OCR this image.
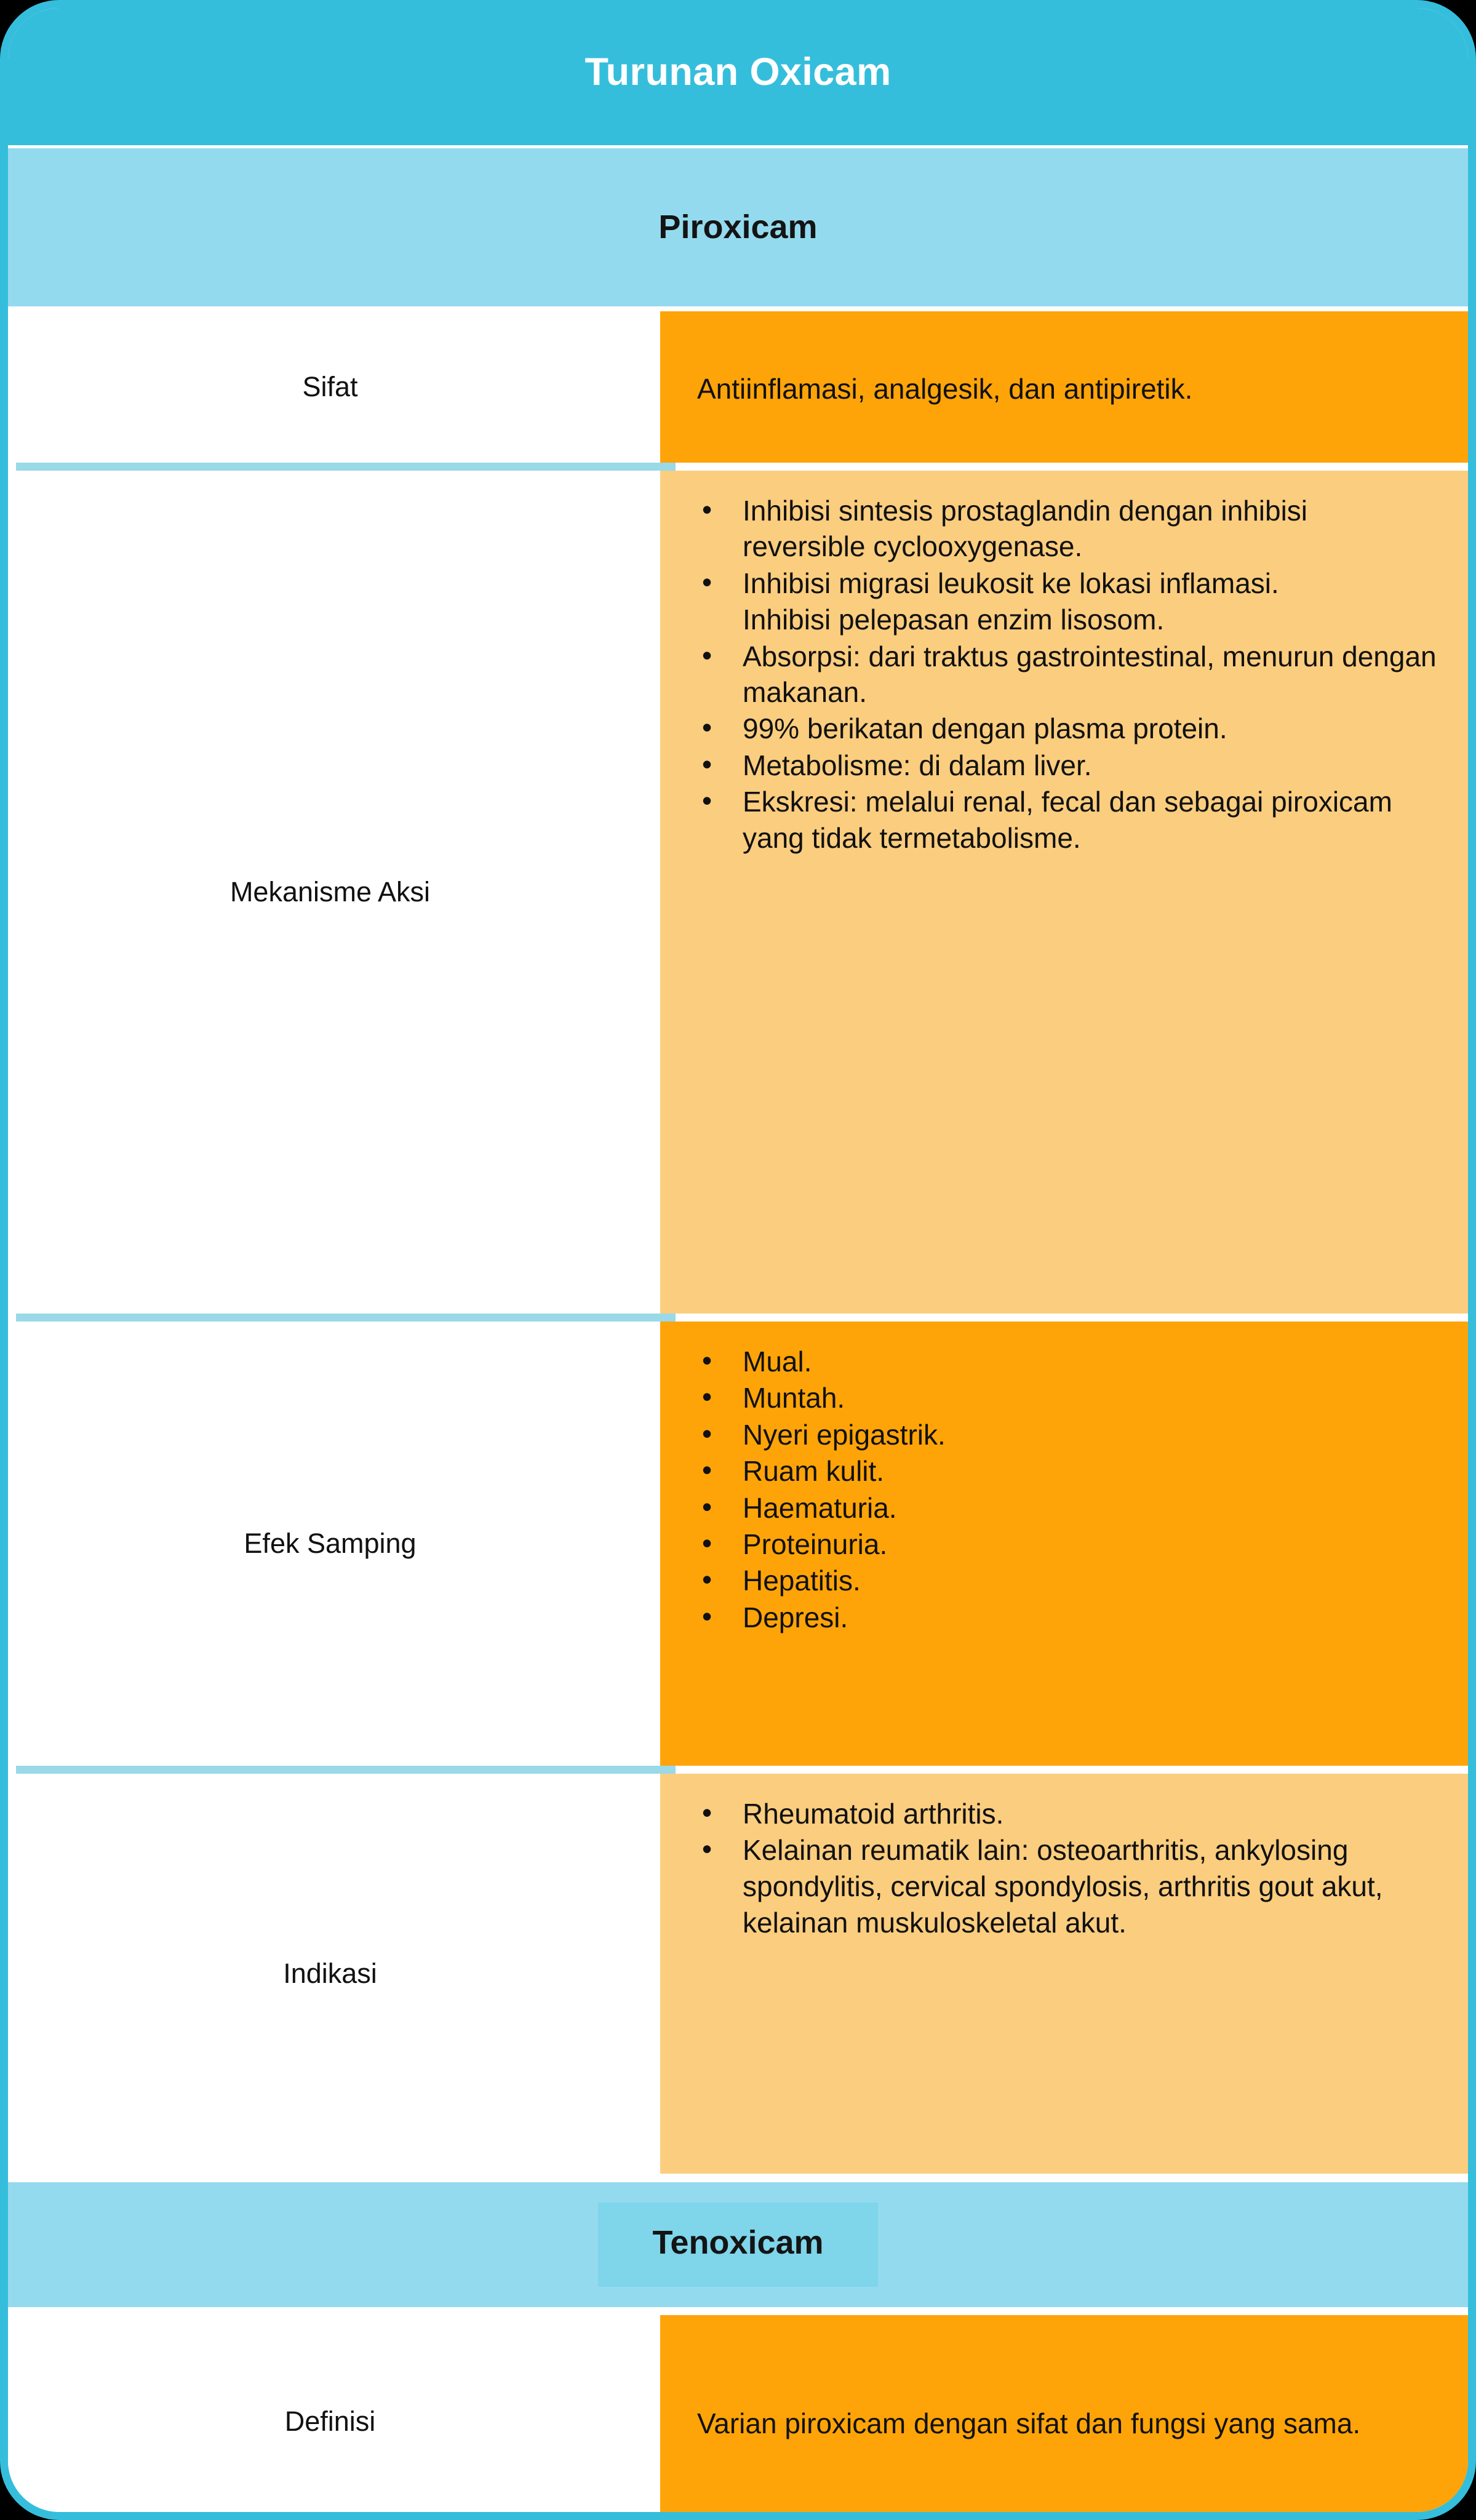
Turunan Oxicam
Piroxicam
Sifat	Antiinflamasi, analgesik, dan antipiretik.

Mekanisme Aksi
• Inhibisi sintesis prostaglandin dengan inhibisi reversible cyclooxygenase.
• Inhibisi migrasi leukosit ke lokasi inflamasi.
Inhibisi pelepasan enzim lisosom.
• Absorpsi: dari traktus gastrointestinal, menurun dengan makanan.
• 99% berikatan dengan plasma protein.
• Metabolisme: di dalam liver.
• Ekskresi: melalui renal, fecal dan sebagai piroxicam yang tidak termetabolisme.
Efek Samping
• Mual.
• Muntah.
• Nyeri epigastrik.
• Ruam kulit.
• Haematuria.
• Proteinuria.
• Hepatitis.
• Depresi.
Indikasi
• Rheumatoid arthritis.
• Kelainan reumatik lain: osteoarthritis, ankylosing spondylitis, cervical spondylosis, arthritis gout akut,
kelainan muskuloskeletal akut.
Tenoxicam
Definisi	Varian piroxicam dengan sifat dan fungsi yang sama.
